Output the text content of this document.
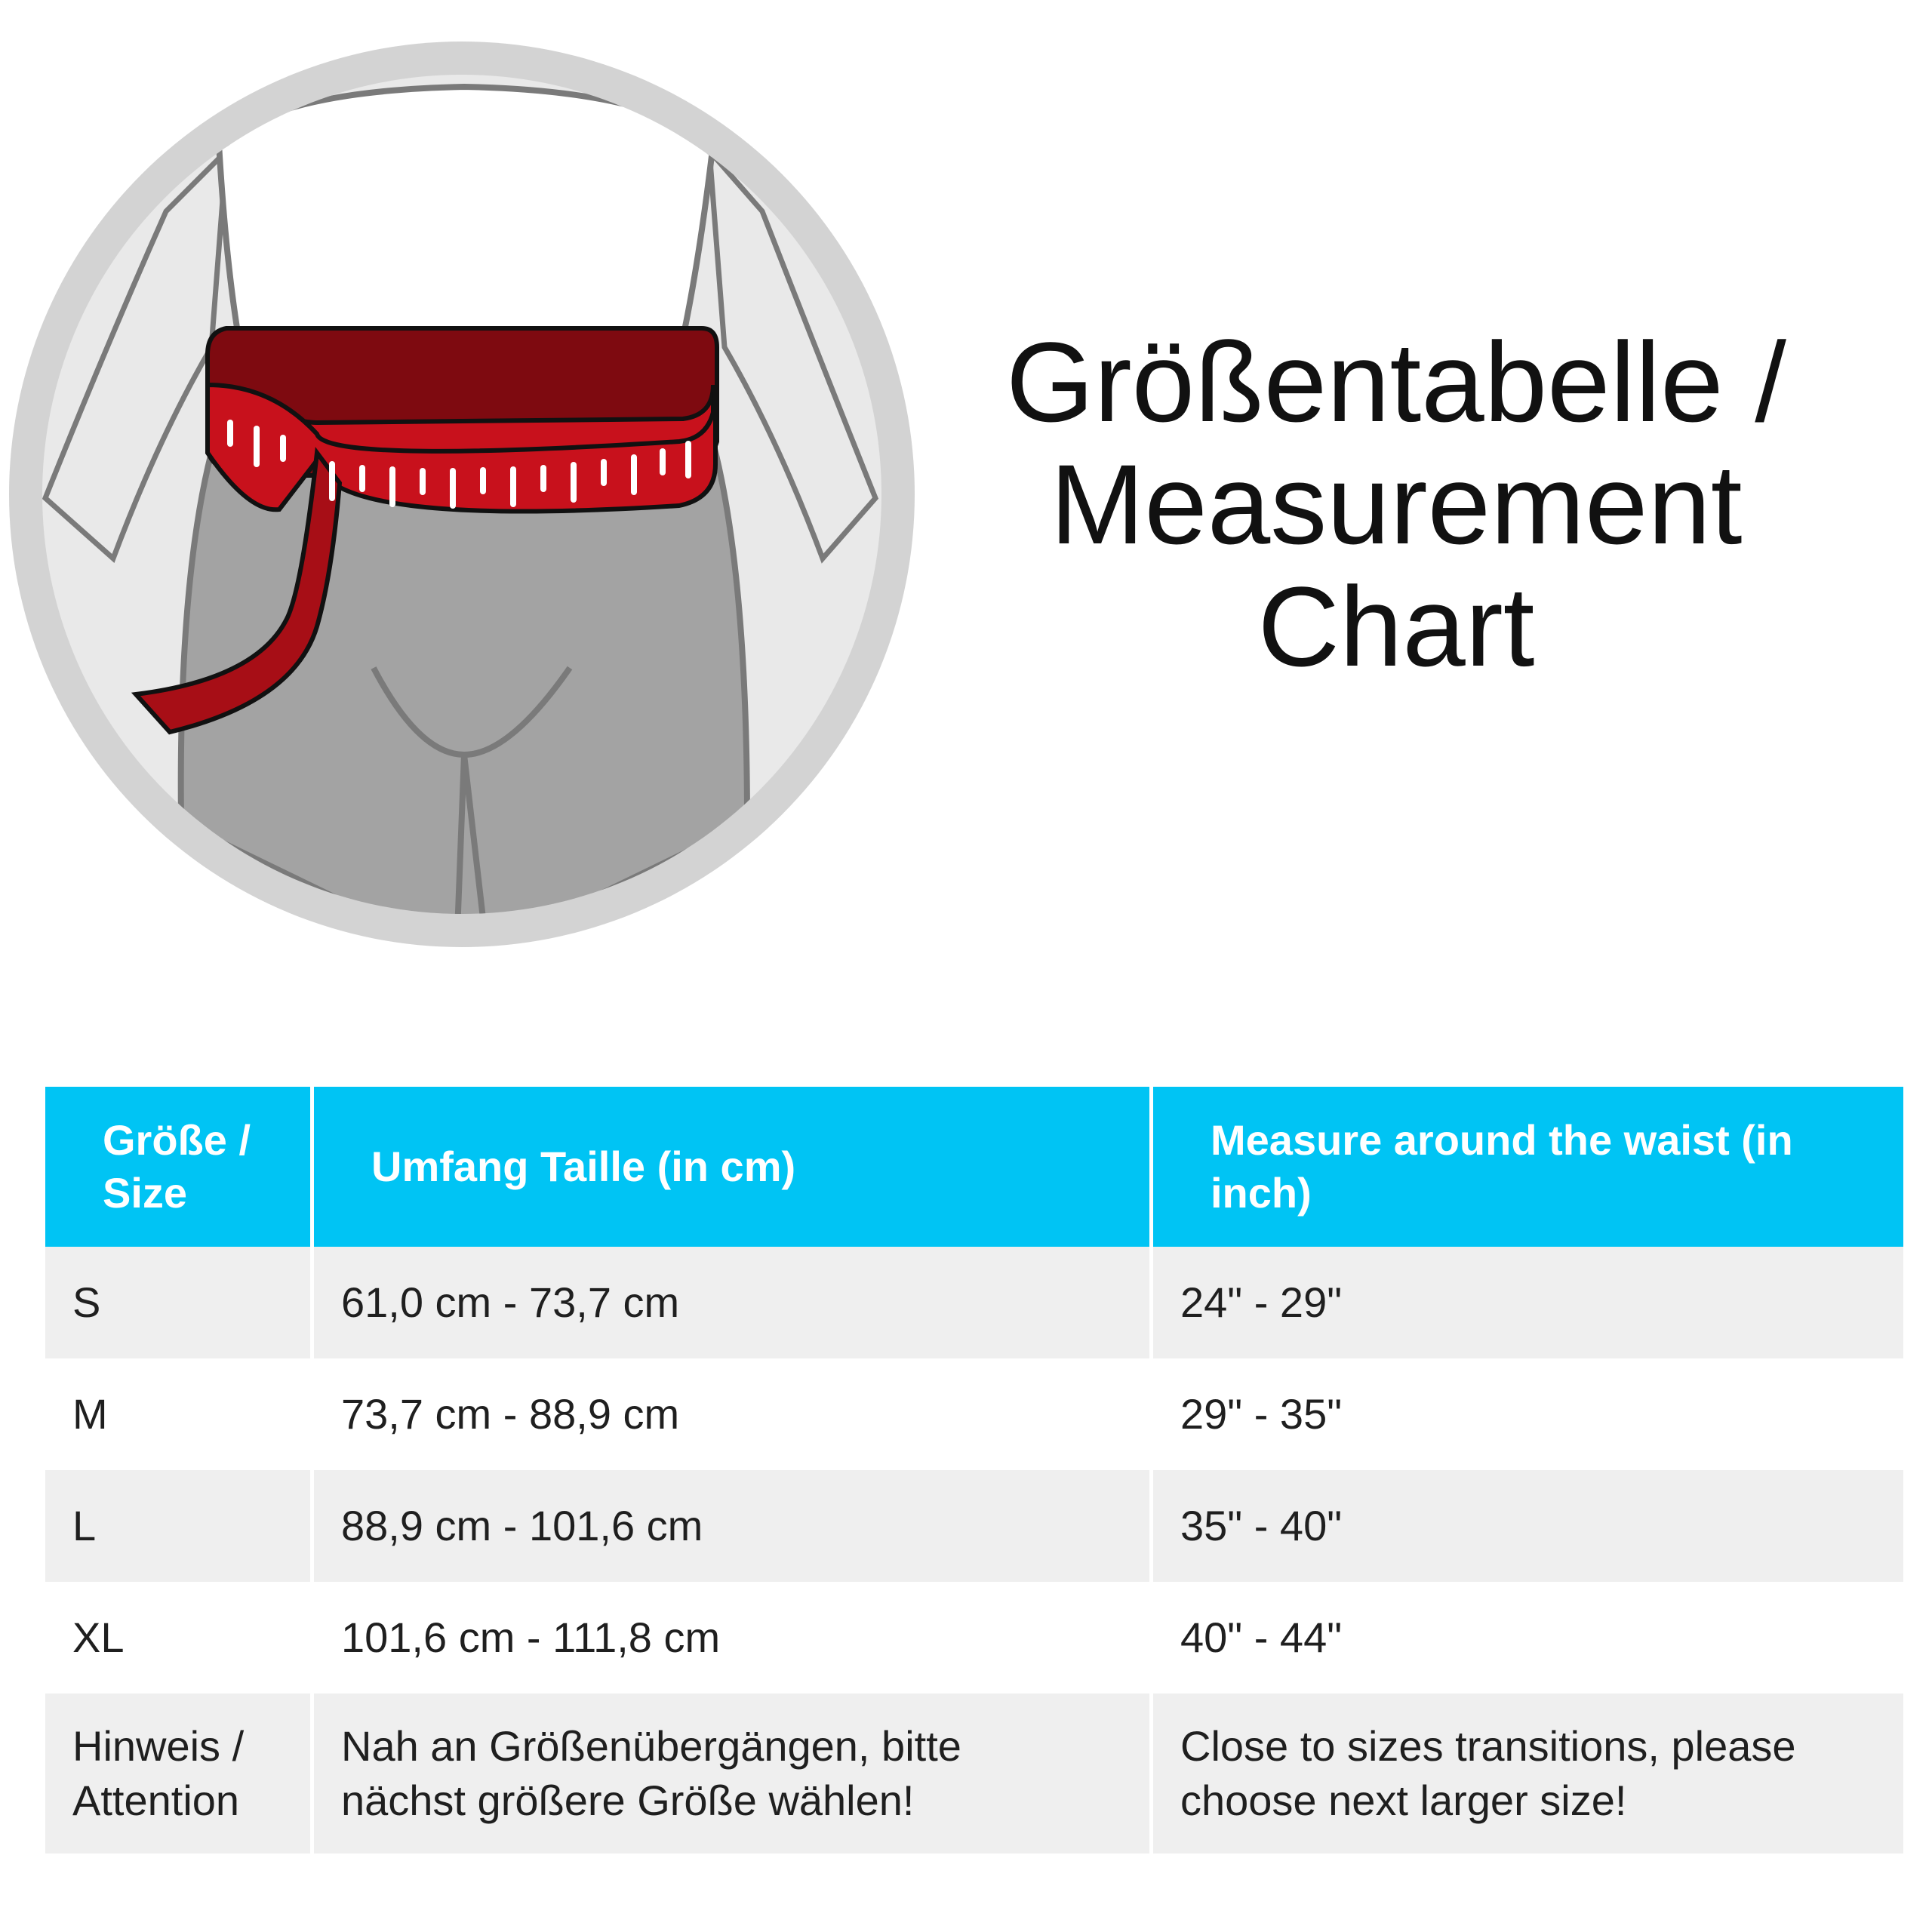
Größentabelle /
Measurement
Chart
Größe / Size	Umfang Taille (in cm)	Measure around the waist (in inch)
S	61,0 cm - 73,7 cm	24" - 29"
M	73,7 cm - 88,9 cm	29" - 35"
L	88,9 cm - 101,6 cm	35" - 40"
XL	101,6 cm - 111,8 cm	40" - 44"
Hinweis / Attention	Nah an Größenübergängen, bitte nächst größere Größe wählen!	Close to sizes transitions, please choose next larger size!
